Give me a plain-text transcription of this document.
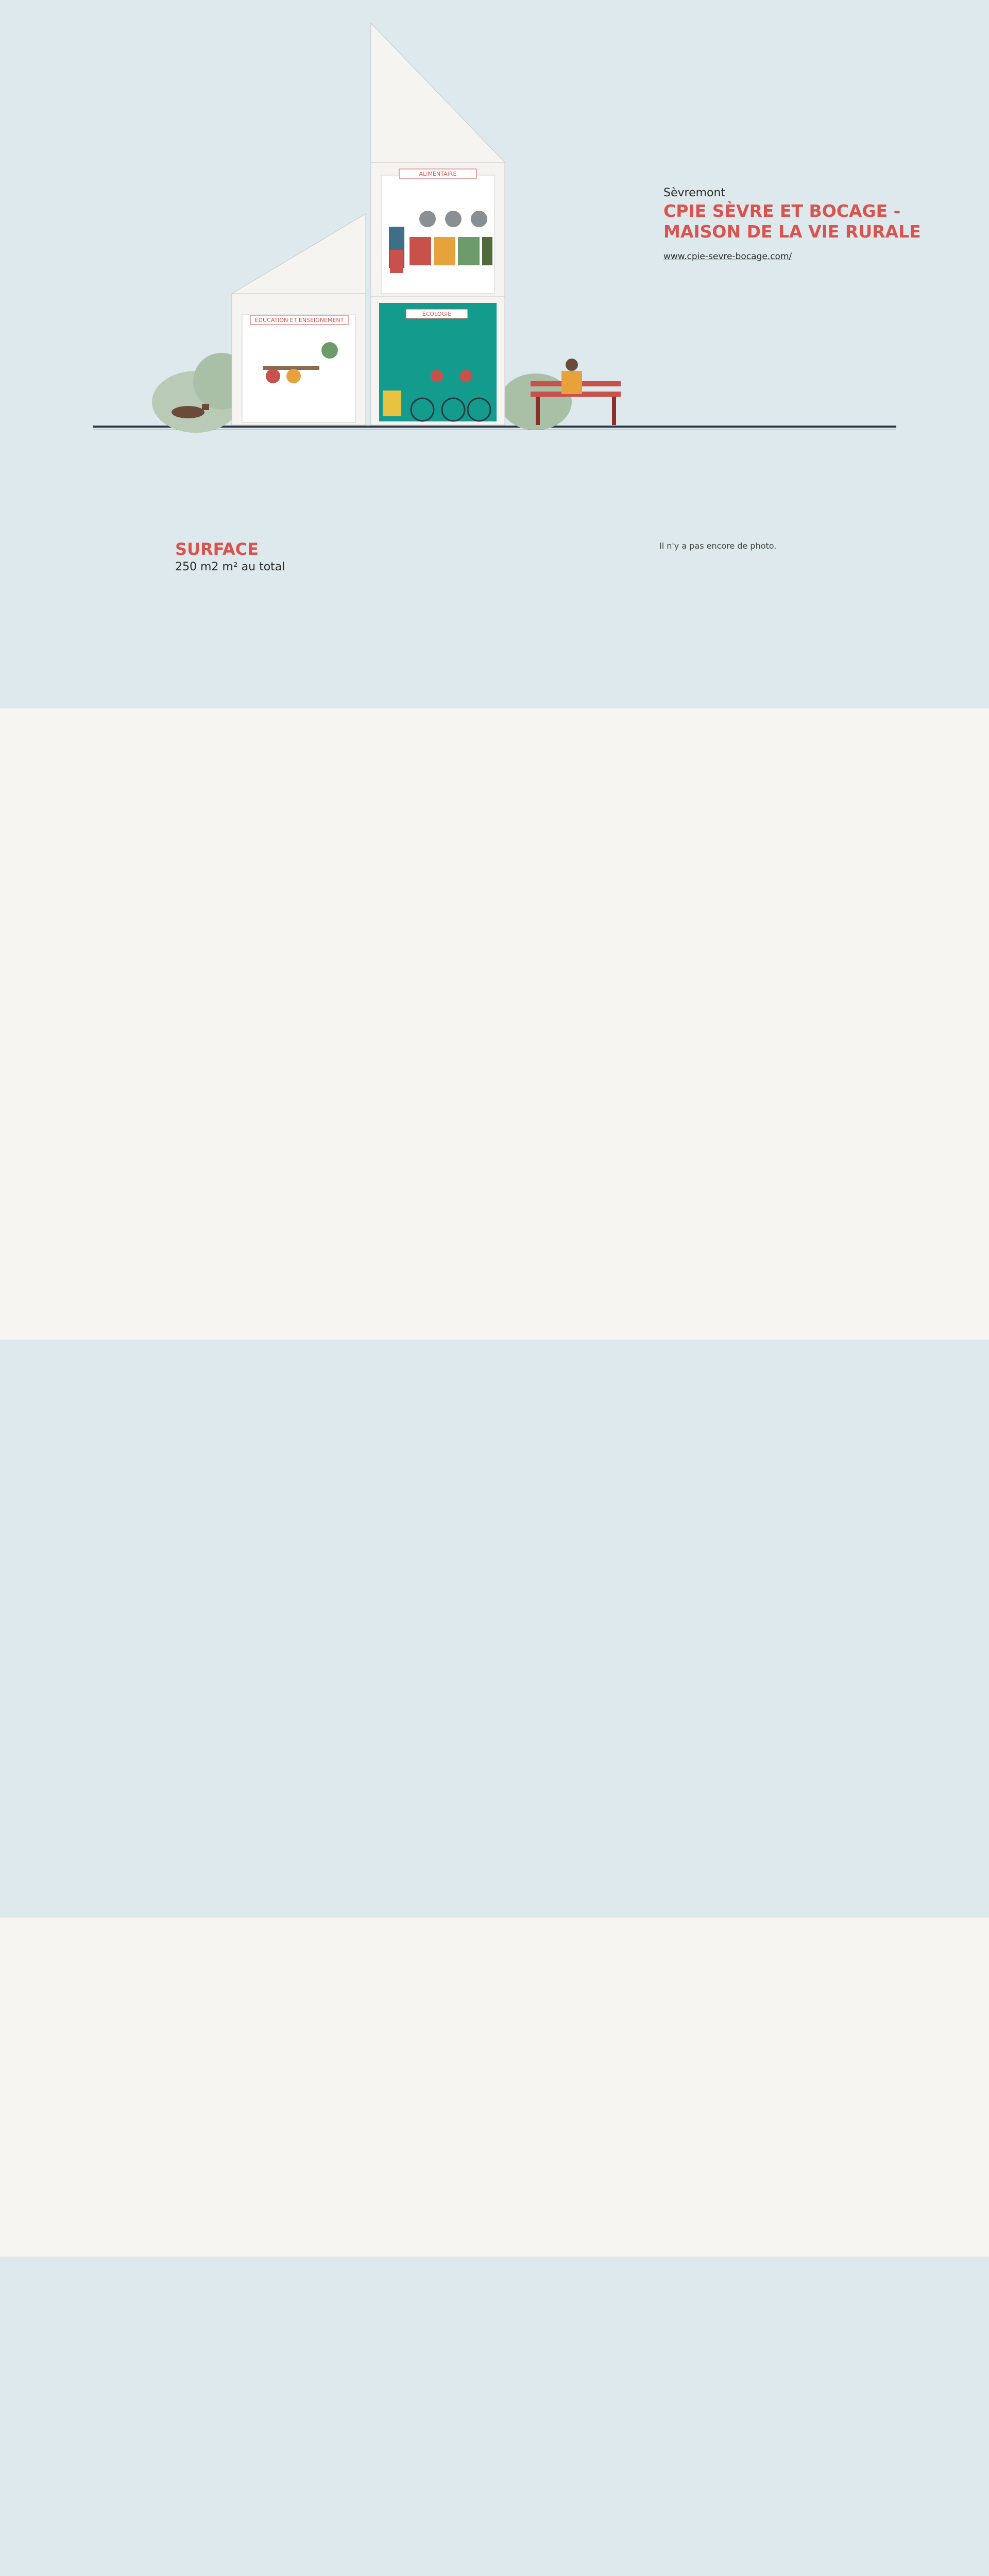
ÉDUCATION ET ENSEIGNEMENT
ALIMENTAIRE
ÉCOLOGIE
Sèvremont
CPIE SÈVRE ET BOCAGE - MAISON DE LA VIE RURALE
www.cpie-sevre-bocage.com/
SURFACE
250 m2 m² au total
Il n'y a pas encore de photo.
